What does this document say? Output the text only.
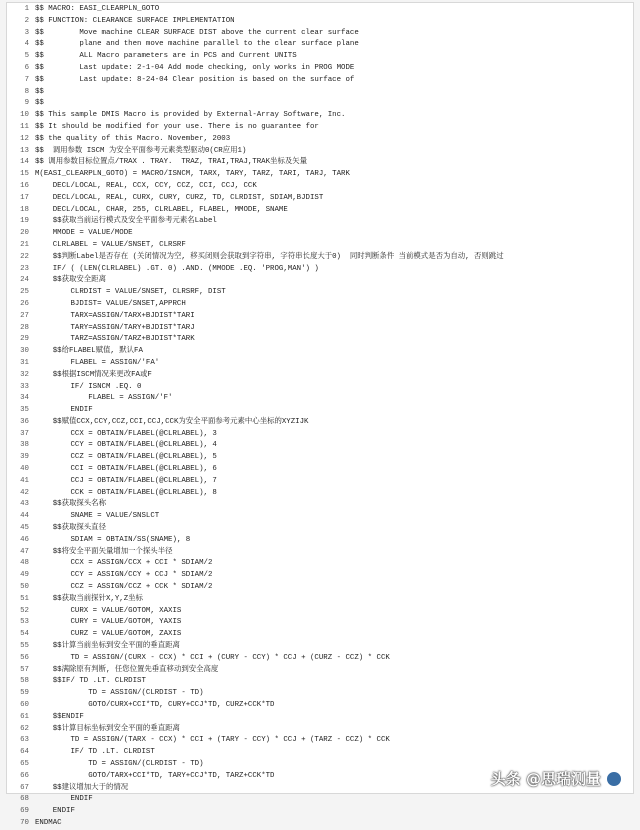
1 $$ MACRO: EASI_CLEARPLN_GOTO
2 $$ FUNCTION: CLEARANCE SURFACE IMPLEMENTATION
3 $$        Move machine CLEAR SURFACE DIST above the current clear surface
4 $$        plane and then move machine parallel to the clear surface plane
5 $$        ALL Macro parameters are in PCS and Current UNITS
6 $$        Last update: 2-1-04 Add mode checking, only works in PROG MODE
7 $$        Last update: 8-24-04 Clear position is based on the surface of
8 $$
9 $$
10 $$ This sample DMIS Macro is provided by External-Array Software, Inc.
11 $$ It should be modified for your use. There is no guarantee for
12 $$ the quality of this Macro. November, 2003
13 $$  调用参数 ISCM 为安全平面参考元素类型驱动0(CR应用1)
14 $$ 调用参数目标位置点/TRAX . TRAY.  TRAZ, TRAI,TRAJ,TRAK坐标及矢量
15 M(EASI_CLEARPLN_GOTO) = MACRO/ISNCM, TARX, TARY, TARZ, TARI, TARJ, TARK
16 DECL/LOCAL, REAL, CCX, CCY, CCZ, CCI, CCJ, CCK
17 DECL/LOCAL, REAL, CURX, CURY, CURZ, TD, CLRDIST, SDIAM,BJDIST
18 DECL/LOCAL, CHAR, 255, CLRLABEL, FLABEL, MMODE, SNAME
19 $$获取当前运行模式及安全平面参考元素名Label
20 MMODE = VALUE/MODE
21 CLRLABEL = VALUE/SNSET, CLRSRF
22 $$判断Label是否存在 (关闭情况为空, 移买闭则会获取到字符串, 字符串长度大于0)  同时判断条件 当前模式是否为自动, 否则跳过
23 IF/ ( (LEN(CLRLABEL) .GT. 0) .AND. (MMODE .EQ. 'PROG,MAN') )
24 $$获取安全距离
25 CLRDIST = VALUE/SNSET, CLRSRF, DIST
26 BJDIST= VALUE/SNSET,APPRCH
27 TARX=ASSIGN/TARX+BJDIST*TARI
28 TARY=ASSIGN/TARY+BJDIST*TARJ
29 TARZ=ASSIGN/TARZ+BJDIST*TARK
30 $$给FLABEL赋值, 默认FA
31 FLABEL = ASSIGN/'FA'
32 $$根据ISCM情况来更改FA或F
33 IF/ ISNCM .EQ. 0
34 FLABEL = ASSIGN/'F'
35 ENDIF
36 $$赋值CCX,CCY,CCZ,CCI,CCJ,CCK为安全平面参考元素中心坐标的XYZIJK
37 CCX = OBTAIN/FLABEL(@CLRLABEL), 3
38 CCY = OBTAIN/FLABEL(@CLRLABEL), 4
39 CCZ = OBTAIN/FLABEL(@CLRLABEL), 5
40 CCI = OBTAIN/FLABEL(@CLRLABEL), 6
41 CCJ = OBTAIN/FLABEL(@CLRLABEL), 7
42 CCK = OBTAIN/FLABEL(@CLRLABEL), 8
43 $$获取探头名称
44 SNAME = VALUE/SNSLCT
45 $$获取探头直径
46 SDIAM = OBTAIN/SS(SNAME), 8
47 $$将安全平面矢量增加一个探头半径
48 CCX = ASSIGN/CCX + CCI * SDIAM/2
49 CCY = ASSIGN/CCY + CCJ * SDIAM/2
50 CCZ = ASSIGN/CCZ + CCK * SDIAM/2
51 $$获取当前探针X,Y,Z坐标
52 CURX = VALUE/GOTOM, XAXIS
53 CURY = VALUE/GOTOM, YAXIS
54 CURZ = VALUE/GOTOM, ZAXIS
55 $$计算当前坐标到安全平面的垂直距离
56 TD = ASSIGN/(CURX - CCX) * CCI + (CURY - CCY) * CCJ + (CURZ - CCZ) * CCK
57 $$满除原有判断, 任您位置先垂直移动到安全高度
58 $$IF/ TD .LT. CLRDIST
59 TD = ASSIGN/(CLRDIST - TD)
60 GOTO/CURX+CCI*TD, CURY+CCJ*TD, CURZ+CCK*TD
61 $$ENDIF
62 $$计算目标坐标到安全平面的垂直距离
63 TD = ASSIGN/(TARX - CCX) * CCI + (TARY - CCY) * CCJ + (TARZ - CCZ) * CCK
64 IF/ TD .LT. CLRDIST
65 TD = ASSIGN/(CLRDIST - TD)
66 GOTO/TARX+CCI*TD, TARY+CCJ*TD, TARZ+CCK*TD
67 $$建议增加大于的情况
68 ENDIF
69 ENDIF
70 ENDMAC
头条 @思瑞测量
